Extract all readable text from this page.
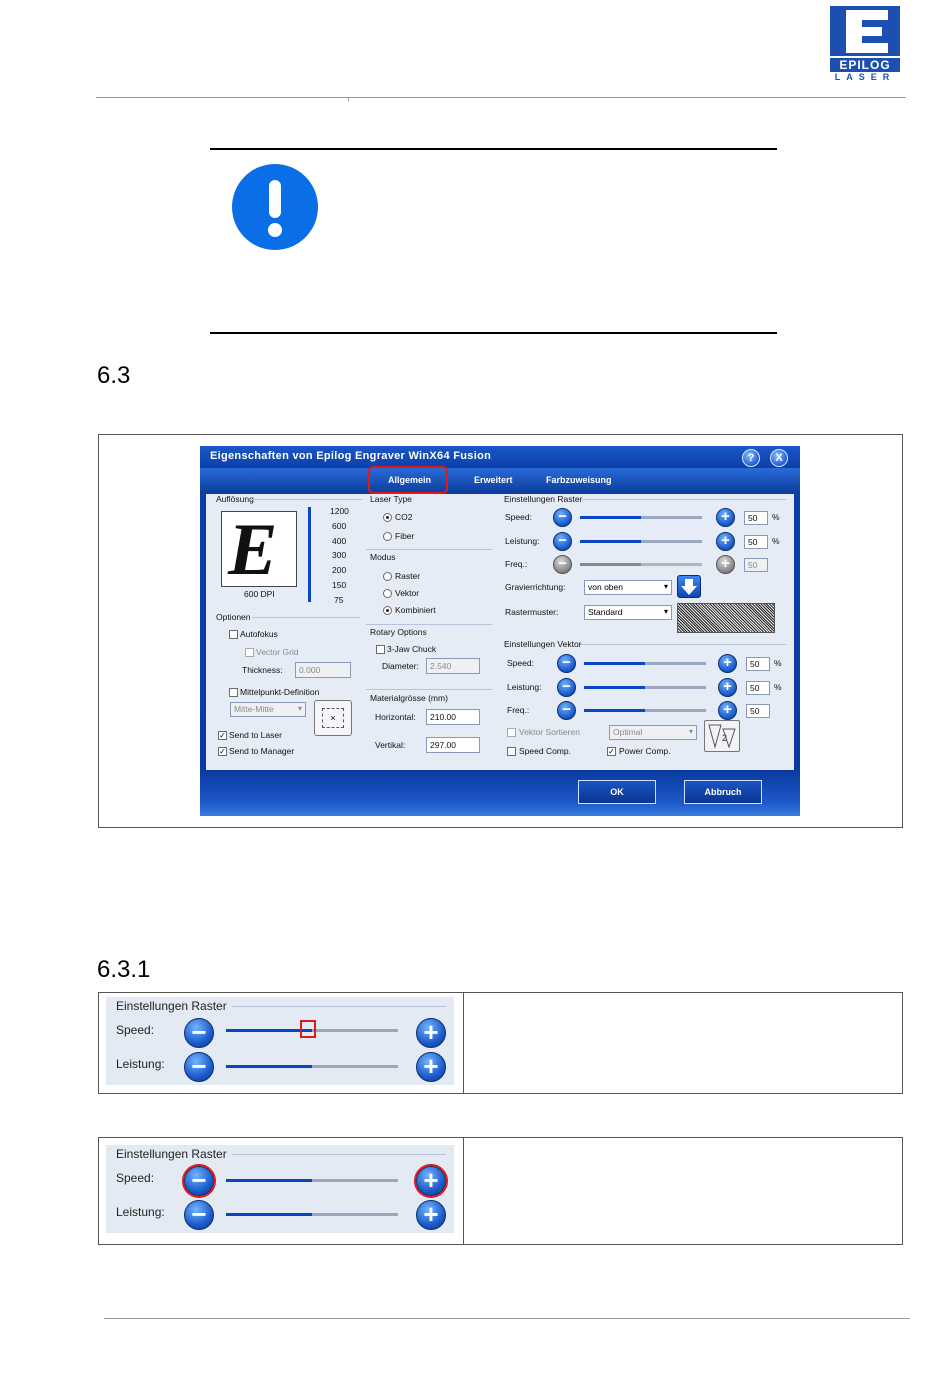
EPILOG
LASER
6.3
Eigenschaften von Epilog Engraver WinX64 Fusion	?	X
Allgemein	Erweitert	Farbzuweisung
Auflösung
E
600 DPI
1200
600
400
300
200
150
75
Optionen
Autofokus
Vector Grid
Thickness:	0.000
Mittelpunkt-Definition
Mitte-Mitte ▾
×
✓ Send to Laser
✓ Send to Manager
Laser Type
CO2
Fiber
Modus
Raster
Vektor
Kombiniert
Rotary Options
3-Jaw Chuck
Diameter:	2.540
Materialgrösse (mm)
Horizontal:	210.00
Vertikal:	297.00
Einstellungen Raster
Speed:	−	+	50	%
Leistung:	−	+	50	%
Freq.:	−	+	50
Gravierrichtung:	von oben ▾
Rastermuster:	Standard ▾
Einstellungen Vektor
Speed:	−	+	50	%
Leistung:	−	+	50	%
Freq.:	−	+	50
Vektor Sortieren	Optimal ▾
2
Speed Comp.	✓ Power Comp.
OK	Abbruch
6.3.1
Einstellungen Raster
Speed: −	+
Leistung: −	+
Einstellungen Raster
Speed: −	+
Leistung: −	+
